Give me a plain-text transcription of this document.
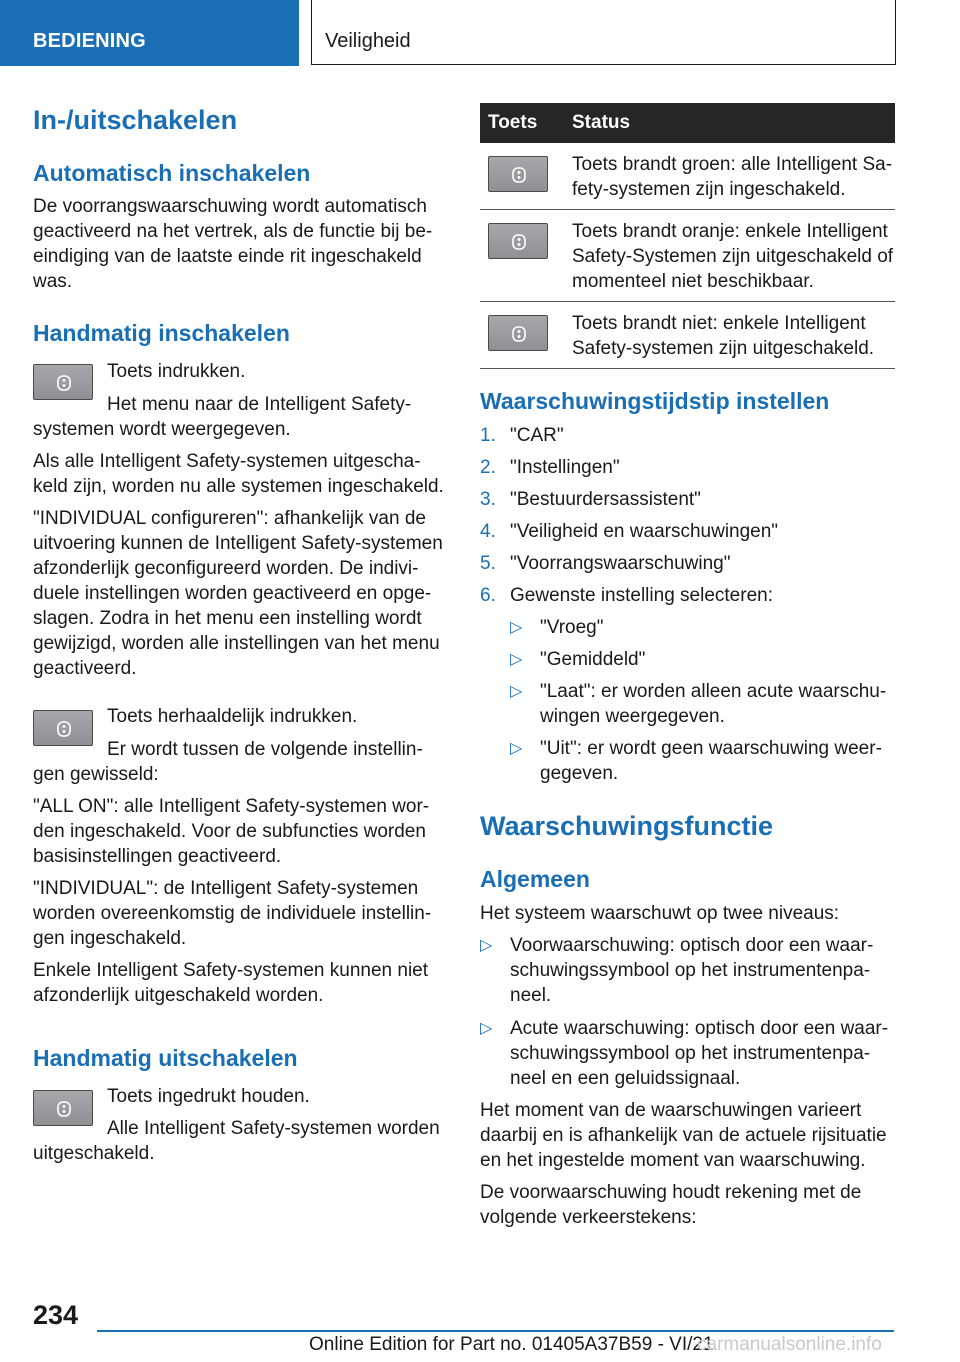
BEDIENING	Veiligheid
In-/uitschakelen
Automatisch inschakelen

De voorrangswaarschuwing wordt automatisch geactiveerd na het vertrek, als de functie bij be- eindiging van de laatste einde rit ingeschakeld was.

Handmatig inschakelen

Toets indrukken.

Het menu naar de Intelligent Safety-

systemen wordt weergegeven.

Als alle Intelligent Safety-systemen uitgescha- keld zijn, worden nu alle systemen ingeschakeld.

"INDIVIDUAL configureren": afhankelijk van de uitvoering kunnen de Intelligent Safety-systemen afzonderlijk geconfigureerd worden. De indivi- duele instellingen worden geactiveerd en opge- slagen. Zodra in het menu een instelling wordt gewijzigd, worden alle instellingen van het menu geactiveerd.

Toets herhaaldelijk indrukken.

Er wordt tussen de volgende instellin-

gen gewisseld:

"ALL ON": alle Intelligent Safety-systemen wor- den ingeschakeld. Voor de subfuncties worden basisinstellingen geactiveerd.

"INDIVIDUAL": de Intelligent Safety-systemen worden overeenkomstig de individuele instellin- gen ingeschakeld.

Enkele Intelligent Safety-systemen kunnen niet afzonderlijk uitgeschakeld worden.

Handmatig uitschakelen

Toets ingedrukt houden.

Alle Intelligent Safety-systemen worden

uitgeschakeld.

Toets	Status

	Toets brandt groen: alle Intelligent Sa- fety-systemen zijn ingeschakeld.

	Toets brandt oranje: enkele Intelligent Safety-Systemen zijn uitgeschakeld of momenteel niet beschikbaar.

	Toets brandt niet: enkele Intelligent Safety-systemen zijn uitgeschakeld.
Waarschuwingstijdstip instellen
1. "CAR"
2. "Instellingen"
3. "Bestuurdersassistent"
4. "Veiligheid en waarschuwingen"
5. "Voorrangswaarschuwing"
6. Gewenste instelling selecteren:
▷ "Vroeg"
▷ "Gemiddeld"
▷ "Laat": er worden alleen acute waarschu- wingen weergegeven.
▷ "Uit": er wordt geen waarschuwing weer- gegeven.
Waarschuwingsfunctie
Algemeen

Het systeem waarschuwt op twee niveaus:

▷ Voorwaarschuwing: optisch door een waar- schuwingssymbool op het instrumentenpa- neel.
▷ Acute waarschuwing: optisch door een waar- schuwingssymbool op het instrumentenpa- neel en een geluidssignaal.

Het moment van de waarschuwingen varieert daarbij en is afhankelijk van de actuele rijsituatie en het ingestelde moment van waarschuwing.

De voorwaarschuwing houdt rekening met de volgende verkeerstekens:

234
Online Edition for Part no. 01405A37B59 - VI/21
carmanualsonline.info
